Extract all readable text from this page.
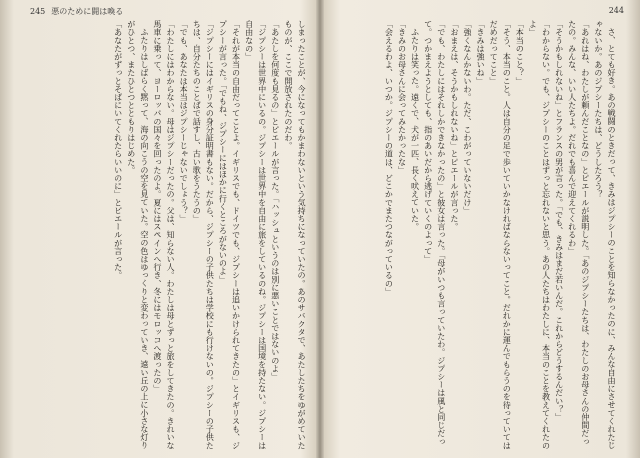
245 悪のために闘は喚る

しまったことが、今になってもかまわないという気持ちになっていたの。あのサバクタで、あたしたちをゆがめていたものが、ここで開放されたのだわ。

「あたしを何度も見るの」とピエールが言った。「ハッシュというのは別に悪いことではないのよ」

「ジプシーは世界中にいるの。ジプシーは世界中を自由に旅をしているのね。ジプシーは国境を持たない。ジプシーは自由なの」

「それが本当の自由だってことよ。イギリスでも、ドイツでも、ジプシーは追いかけられてきたの」とイギリスも、ジプシーが言った。「でもね、ジプシーにはほかに行くところがないのよ」

「ジプシーにはイギリスの身分証明書もない。だから、ジプシーの子供たちは学校にも行けないの。ジプシーの子供たちは、自分たちのことばで話すし、古い歌をうたうの」

「でも、あなたは本当はジプシーじゃないでしょう？」

「わたしにはわからない。母はジプシーだったの。父は、知らない人。わたしは母とずっと旅をしてきたの。きれいな馬車に乗って、ヨーロッパの国々を回ったのよ。夏にはスペインへ行き、冬にはモロッコへ渡ったの」

ふたりはしばらく黙って、海の向こうの空を見ていた。空の色はゆっくりと変わっていき、遠い丘の上に小さな灯りがひとつ、またひとつとともりはじめた。

「あなたがずっとそばにいてくれたらいいのに」とピエールが言った。

244

さ、とても好き。あの戦闘のときだって、きみはジプシーのことを知らなかったのに、みんな自由にさせてくれたじゃないか。あのジプシーたちは、どうしたろう？

「あれはね、わたしが頼んだことなの」とピエールが説明した。「あのジプシーたちは、わたしのお母さんの仲間だったの。みんな、いい人たちよ。だれでも喜んで迎えてくれるわ」

「そうかもしれないね」とフランスの男が言った。「でも、きみはまだ若いんだ。これからどうするんだい？」

「わからない。でも、ジプシーのことはずっと忘れないと思う。あの人たちはわたしに、本当のことを教えてくれたのよ」

「本当のこと？」

「そう、本当のこと。人は自分の足で歩いていかなければならないってこと。だれかに運んでもらうのを待っていてはだめだってこと」

「きみは強いね」

「強くなんかないわ。ただ、こわがっていないだけ」

「おまえは、そうかもしれないね」とピエールが言った。

「でも、わたしにはそれしかできなかったの」と彼女は言った。「母がいつも言っていたわ。ジプシーは風と同じだって。つかまえようとしても、指のあいだから逃げていくのよって」

ふたりは笑った。遠くで、犬が一匹、長く吠えていた。

「きみのお母さんに会ってみたかったな」

「会えるわよ、いつか。ジプシーの道は、どこかでまたつながっているの」
